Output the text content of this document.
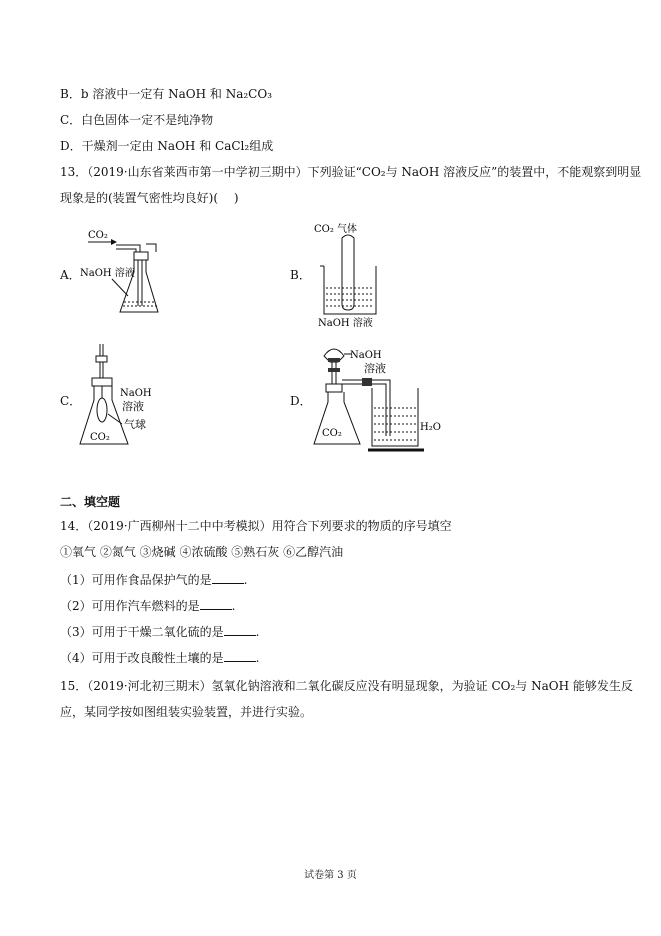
B．b 溶液中一定有 NaOH 和 Na₂CO₃
C．白色固体一定不是纯净物
D．干燥剂一定由 NaOH 和 CaCl₂组成
13．（2019·山东省莱西市第一中学初三期中）下列验证“CO₂与 NaOH 溶液反应”的装置中，不能观察到明显
现象是的(装置气密性均良好)(　 )
A．
CO₂
NaOH 溶液	B．
CO₂ 气体
NaOH 溶液
C．
NaOH
溶液
气球
CO₂
D．
NaOH
溶液
CO₂
H₂O
二、填空题
14．（2019·广西柳州十二中中考模拟）用符合下列要求的物质的序号填空
①氧气 ②氮气 ③烧碱 ④浓硫酸 ⑤熟石灰 ⑥乙醇汽油
（1）可用作食品保护气的是	.
（2）可用作汽车燃料的是	.
（3）可用于干燥二氧化硫的是	.
（4）可用于改良酸性土壤的是	.
15．（2019·河北初三期末）氢氧化钠溶液和二氧化碳反应没有明显现象，为验证 CO₂与 NaOH 能够发生反
应，某同学按如图组装实验装置，并进行实验。
试卷第 3 页
